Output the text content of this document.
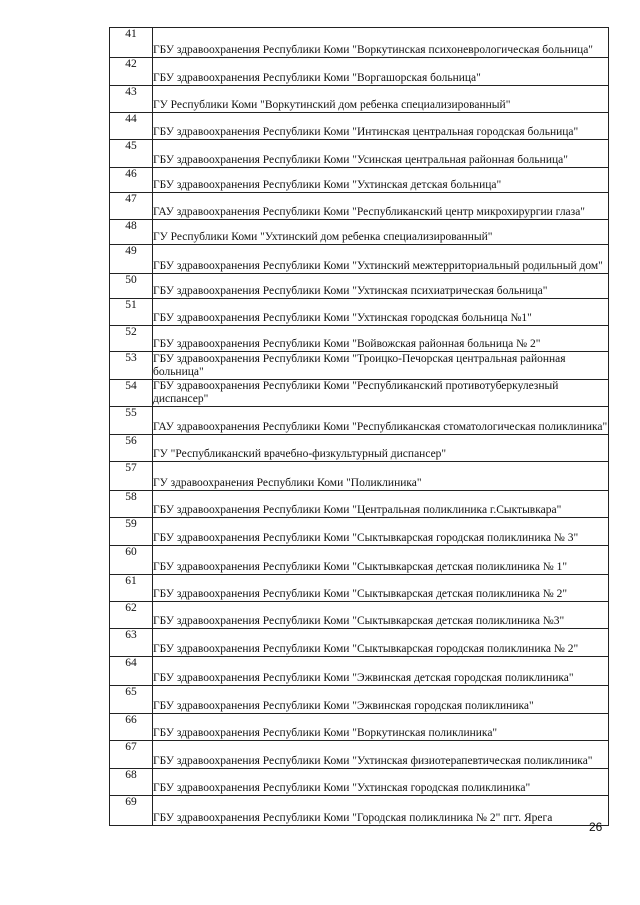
41	ГБУ здравоохранения Республики Коми "Воркутинская психоневрологическая больница"
42	ГБУ здравоохранения Республики Коми "Воргашорская больница"
43	ГУ Республики Коми "Воркутинский дом ребенка специализированный"
44	ГБУ здравоохранения Республики Коми "Интинская центральная городская больница"
45	ГБУ здравоохранения Республики Коми "Усинская центральная районная больница"
46	ГБУ здравоохранения Республики Коми "Ухтинская детская больница"
47	ГАУ здравоохранения Республики Коми "Республиканский центр микрохирургии глаза"
48	ГУ Республики Коми "Ухтинский дом ребенка специализированный"
49	ГБУ здравоохранения Республики Коми "Ухтинский межтерриториальный родильный дом"
50	ГБУ здравоохранения Республики Коми "Ухтинская психиатрическая больница"
51	ГБУ здравоохранения Республики Коми "Ухтинская городская больница №1"
52	ГБУ здравоохранения Республики Коми "Войвожская районная больница № 2"
53	ГБУ здравоохранения Республики Коми "Троицко-Печорская центральная районная больница"
54	ГБУ здравоохранения Республики Коми "Республиканский противотуберкулезный диспансер"
55	ГАУ здравоохранения Республики Коми "Республиканская стоматологическая поликлиника"
56	ГУ "Республиканский врачебно-физкультурный диспансер"
57	ГУ здравоохранения Республики Коми "Поликлиника"
58	ГБУ здравоохранения Республики Коми "Центральная поликлиника г.Сыктывкара"
59	ГБУ здравоохранения Республики Коми "Сыктывкарская городская поликлиника № 3"
60	ГБУ здравоохранения Республики Коми "Сыктывкарская детская поликлиника № 1"
61	ГБУ здравоохранения Республики Коми "Сыктывкарская детская поликлиника № 2"
62	ГБУ здравоохранения Республики Коми "Сыктывкарская детская поликлиника №3"
63	ГБУ здравоохранения Республики Коми "Сыктывкарская городская поликлиника № 2"
64	ГБУ здравоохранения Республики Коми "Эжвинская детская городская поликлиника"
65	ГБУ здравоохранения Республики Коми "Эжвинская городская поликлиника"
66	ГБУ здравоохранения Республики Коми "Воркутинская поликлиника"
67	ГБУ здравоохранения Республики Коми "Ухтинская физиотерапевтическая поликлиника"
68	ГБУ здравоохранения Республики Коми "Ухтинская городская поликлиника"
69	ГБУ здравоохранения Республики Коми "Городская поликлиника № 2" пгт. Ярега
26
